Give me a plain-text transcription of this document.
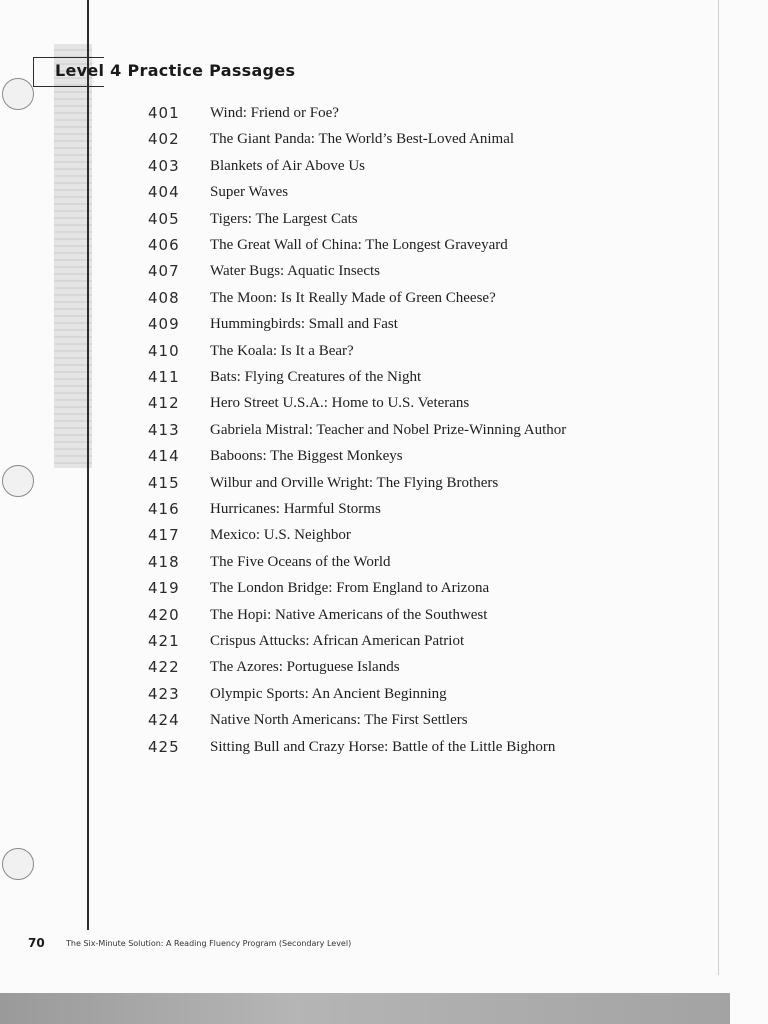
Level 4 Practice Passages
401 Wind: Friend or Foe?
402 The Giant Panda: The World’s Best-Loved Animal
403 Blankets of Air Above Us
404 Super Waves
405 Tigers: The Largest Cats
406 The Great Wall of China: The Longest Graveyard
407 Water Bugs: Aquatic Insects
408 The Moon: Is It Really Made of Green Cheese?
409 Hummingbirds: Small and Fast
410 The Koala: Is It a Bear?
411 Bats: Flying Creatures of the Night
412 Hero Street U.S.A.: Home to U.S. Veterans
413 Gabriela Mistral: Teacher and Nobel Prize-Winning Author
414 Baboons: The Biggest Monkeys
415 Wilbur and Orville Wright: The Flying Brothers
416 Hurricanes: Harmful Storms
417 Mexico: U.S. Neighbor
418 The Five Oceans of the World
419 The London Bridge: From England to Arizona
420 The Hopi: Native Americans of the Southwest
421 Crispus Attucks: African American Patriot
422 The Azores: Portuguese Islands
423 Olympic Sports: An Ancient Beginning
424 Native North Americans: The First Settlers
425 Sitting Bull and Crazy Horse: Battle of the Little Bighorn
70	The Six-Minute Solution: A Reading Fluency Program (Secondary Level)
